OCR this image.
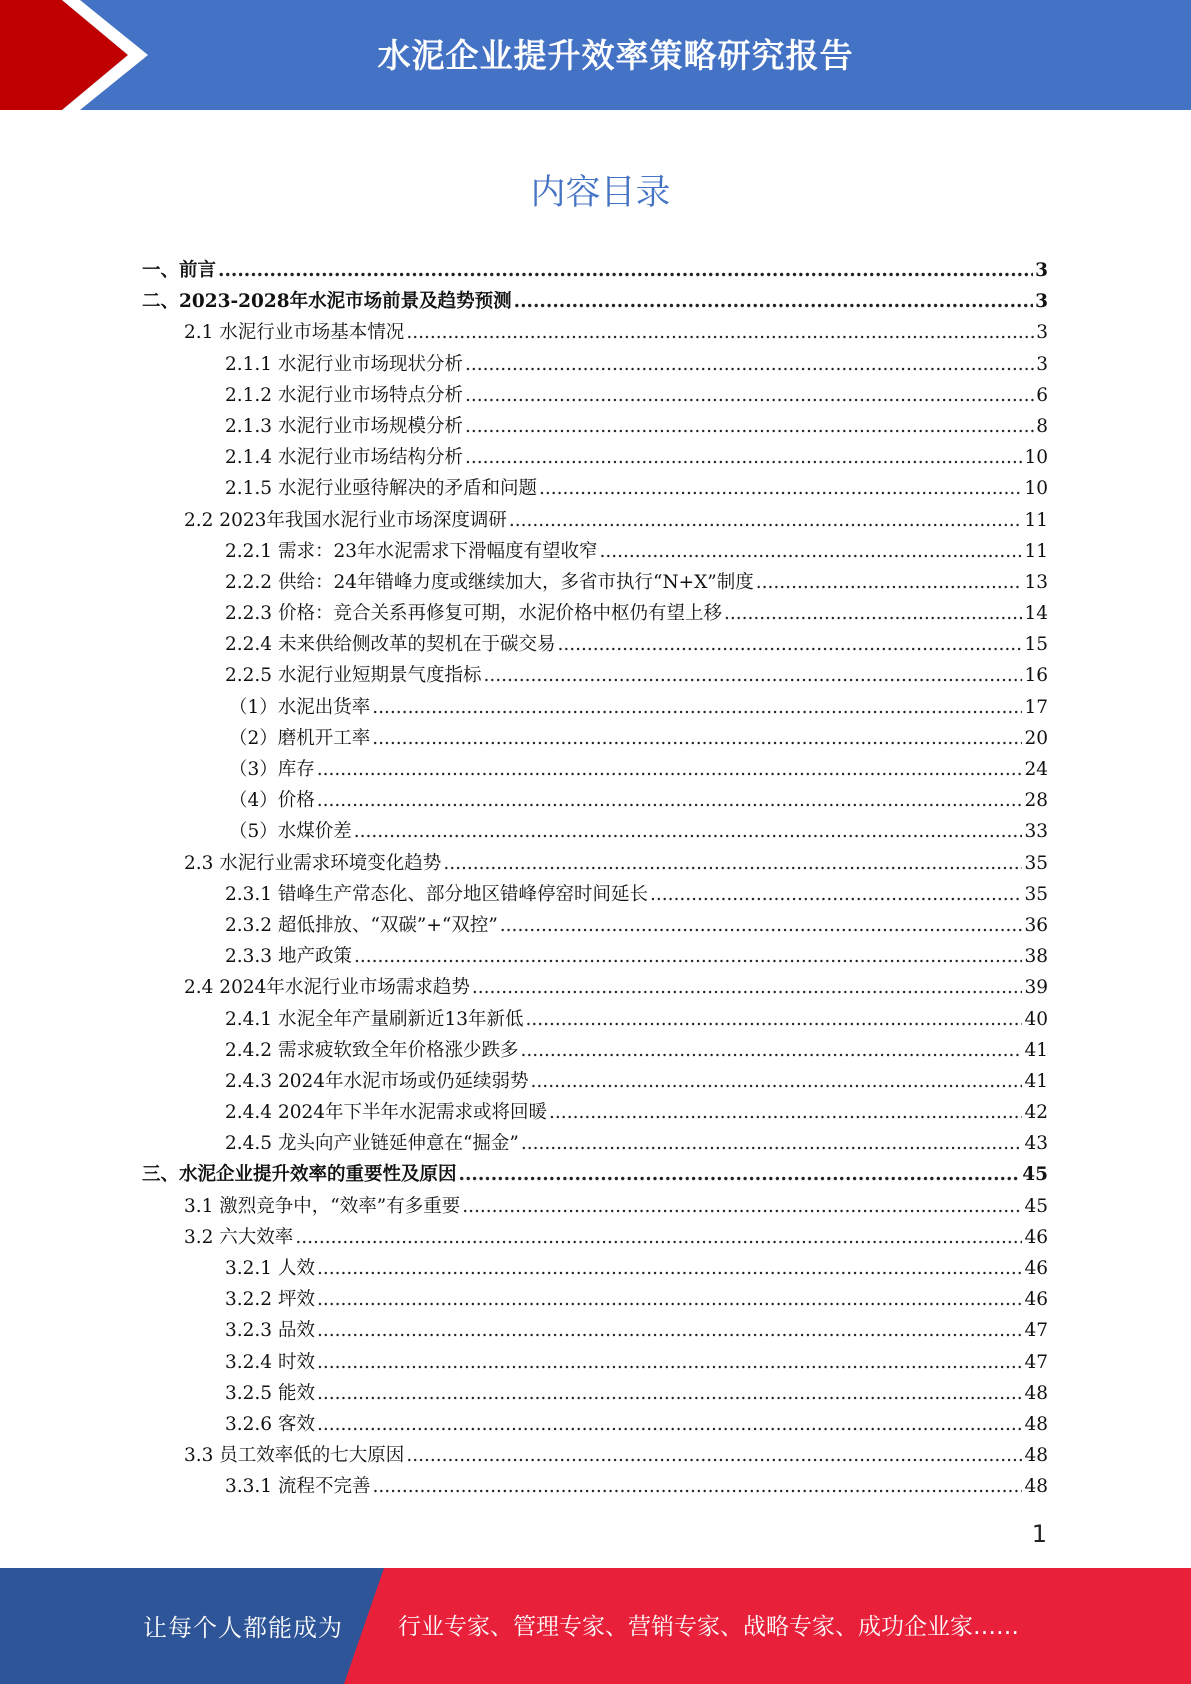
水泥企业提升效率策略研究报告
内容目录
一、前言 .....	3
二、2023-2028年水泥市场前景及趋势预测 .....	3
2.1 水泥行业市场基本情况 .....	3
2.1.1 水泥行业市场现状分析 .....	3
2.1.2 水泥行业市场特点分析 .....	6
2.1.3 水泥行业市场规模分析 .....	8
2.1.4 水泥行业市场结构分析 .....	10
2.1.5 水泥行业亟待解决的矛盾和问题 .....	10
2.2 2023年我国水泥行业市场深度调研 .....	11
2.2.1 需求：23年水泥需求下滑幅度有望收窄 .....	11
2.2.2 供给：24年错峰力度或继续加大，多省市执行“N+X”制度 .....	13
2.2.3 价格：竞合关系再修复可期，水泥价格中枢仍有望上移 .....	14
2.2.4 未来供给侧改革的契机在于碳交易 .....	15
2.2.5 水泥行业短期景气度指标 .....	16
（1）水泥出货率 .....	17
（2）磨机开工率 .....	20
（3）库存 .....	24
（4）价格 .....	28
（5）水煤价差 .....	33
2.3 水泥行业需求环境变化趋势 .....	35
2.3.1 错峰生产常态化、部分地区错峰停窑时间延长 .....	35
2.3.2 超低排放、“双碳”+“双控” .....	36
2.3.3 地产政策 .....	38
2.4 2024年水泥行业市场需求趋势 .....	39
2.4.1 水泥全年产量刷新近13年新低 .....	40
2.4.2 需求疲软致全年价格涨少跌多 .....	41
2.4.3 2024年水泥市场或仍延续弱势 .....	41
2.4.4 2024年下半年水泥需求或将回暖 .....	42
2.4.5 龙头向产业链延伸意在“掘金” .....	43
三、水泥企业提升效率的重要性及原因 .....	45
3.1 激烈竞争中，“效率”有多重要 .....	45
3.2 六大效率 .....	46
3.2.1 人效 .....	46
3.2.2 坪效 .....	46
3.2.3 品效 .....	47
3.2.4 时效 .....	47
3.2.5 能效 .....	48
3.2.6 客效 .....	48
3.3 员工效率低的七大原因 .....	48
3.3.1 流程不完善 .....	48
1
让每个人都能成为 行业专家、管理专家、营销专家、战略专家、成功企业家……
